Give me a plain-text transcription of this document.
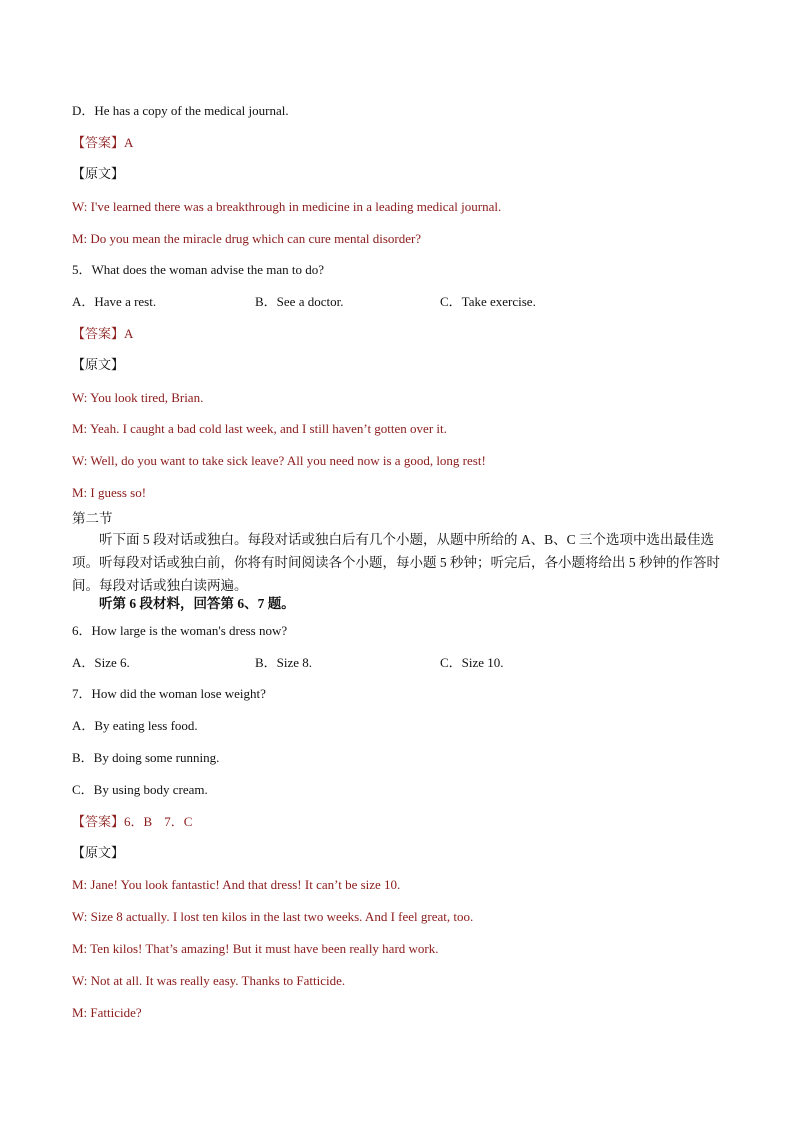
D．He has a copy of the medical journal.
【答案】A
【原文】
W: I've learned there was a breakthrough in medicine in a leading medical journal.
M: Do you mean the miracle drug which can cure mental disorder?
5．What does the woman advise the man to do?
A．Have a rest.	B．See a doctor.	C．Take exercise.
【答案】A
【原文】
W: You look tired, Brian.
M: Yeah. I caught a bad cold last week, and I still haven’t gotten over it.
W: Well, do you want to take sick leave? All you need now is a good, long rest!
M: I guess so!
第二节
听下面 5 段对话或独白。每段对话或独白后有几个小题，从题中所给的 A、B、C 三个选项中选出最佳选项。听每段对话或独白前，你将有时间阅读各个小题，每小题 5 秒钟；听完后，各小题将给出 5 秒钟的作答时间。每段对话或独白读两遍。
听第 6 段材料，回答第 6、7 题。
6．How large is the woman's dress now?
A．Size 6.	B．Size 8.	C．Size 10.
7．How did the woman lose weight?
A．By eating less food.
B．By doing some running.
C．By using body cream.
【答案】6．B 7．C
【原文】
M: Jane! You look fantastic! And that dress! It can’t be size 10.
W: Size 8 actually. I lost ten kilos in the last two weeks. And I feel great, too.
M: Ten kilos! That’s amazing! But it must have been really hard work.
W: Not at all. It was really easy. Thanks to Fatticide.
M: Fatticide?
